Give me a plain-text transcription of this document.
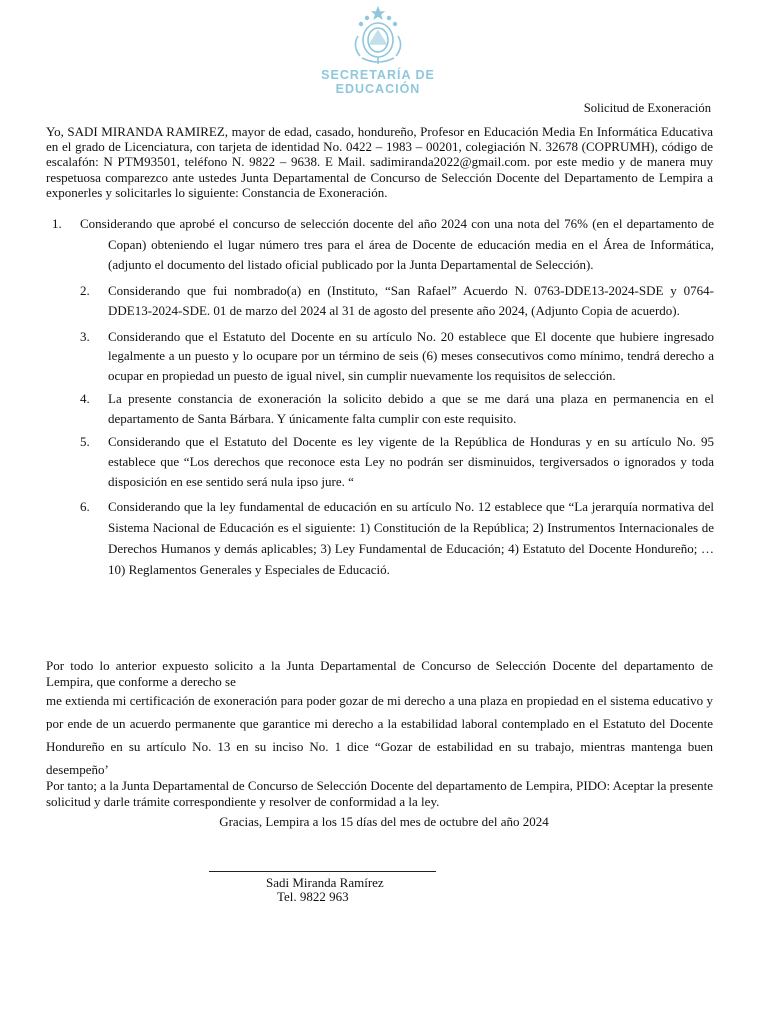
SECRETARÍA DE
EDUCACIÓN
Solicitud de Exoneración

Yo, SADI MIRANDA RAMIREZ, mayor de edad, casado, hondureño, Profesor en Educación Media En Informática Educativa en el grado de Licenciatura, con tarjeta de identidad No. 0422 – 1983 – 00201, colegiación N. 32678 (COPRUMH), código de escalafón: N PTM93501, teléfono N. 9822 – 9638. E Mail. sadimiranda2022@gmail.com. por este medio y de manera muy respetuosa comparezco ante ustedes Junta Departamental de Concurso de Selección Docente del Departamento de Lempira a exponerles y solicitarles lo siguiente: Constancia de Exoneración.

1.	Considerando que aprobé el concurso de selección docente del año 2024 con una nota del 76% (en el departamento de Copan) obteniendo el lugar número tres para el área de Docente de educación media en el Área de Informática, (adjunto el documento del listado oficial publicado por la Junta Departamental de Selección).
2. Considerando que fui nombrado(a) en (Instituto, “San Rafael” Acuerdo N. 0763-DDE13-2024-SDE y 0764-DDE13-2024-SDE. 01 de marzo del 2024 al 31 de agosto del presente año 2024, (Adjunto Copia de acuerdo).
3. Considerando que el Estatuto del Docente en su artículo No. 20 establece que El docente que hubiere ingresado legalmente a un puesto y lo ocupare por un término de seis (6) meses consecutivos como mínimo, tendrá derecho a ocupar en propiedad un puesto de igual nivel, sin cumplir nuevamente los requisitos de selección.
4. La presente constancia de exoneración la solicito debido a que se me dará una plaza en permanencia en el departamento de Santa Bárbara. Y únicamente falta cumplir con este requisito.
5. Considerando que el Estatuto del Docente es ley vigente de la República de Honduras y en su artículo No. 95 establece que “Los derechos que reconoce esta Ley no podrán ser disminuidos, tergiversados o ignorados y toda disposición en ese sentido será nula ipso jure. “
6. Considerando que la ley fundamental de educación en su artículo No. 12 establece que “La jerarquía normativa del Sistema Nacional de Educación es el siguiente: 1) Constitución de la República; 2) Instrumentos Internacionales de Derechos Humanos y demás aplicables; 3) Ley Fundamental de Educación; 4) Estatuto del Docente Hondureño; … 10) Reglamentos Generales y Especiales de Educació.

Por todo lo anterior expuesto solicito a la Junta Departamental de Concurso de Selección Docente del departamento de Lempira, que conforme a derecho se

me extienda mi certificación de exoneración para poder gozar de mi derecho a una plaza en propiedad en el sistema educativo y por ende de un acuerdo permanente que garantice mi derecho a la estabilidad laboral contemplado en el Estatuto del Docente Hondureño en su artículo No. 13 en su inciso No. 1 dice “Gozar de estabilidad en su trabajo, mientras mantenga buen desempeño’

Por tanto; a la Junta Departamental de Concurso de Selección Docente del departamento de Lempira, PIDO: Aceptar la presente solicitud y darle trámite correspondiente y resolver de conformidad a la ley.

Gracias, Lempira a los 15 días del mes de octubre del año 2024
Sadi Miranda Ramírez
Tel. 9822 963
